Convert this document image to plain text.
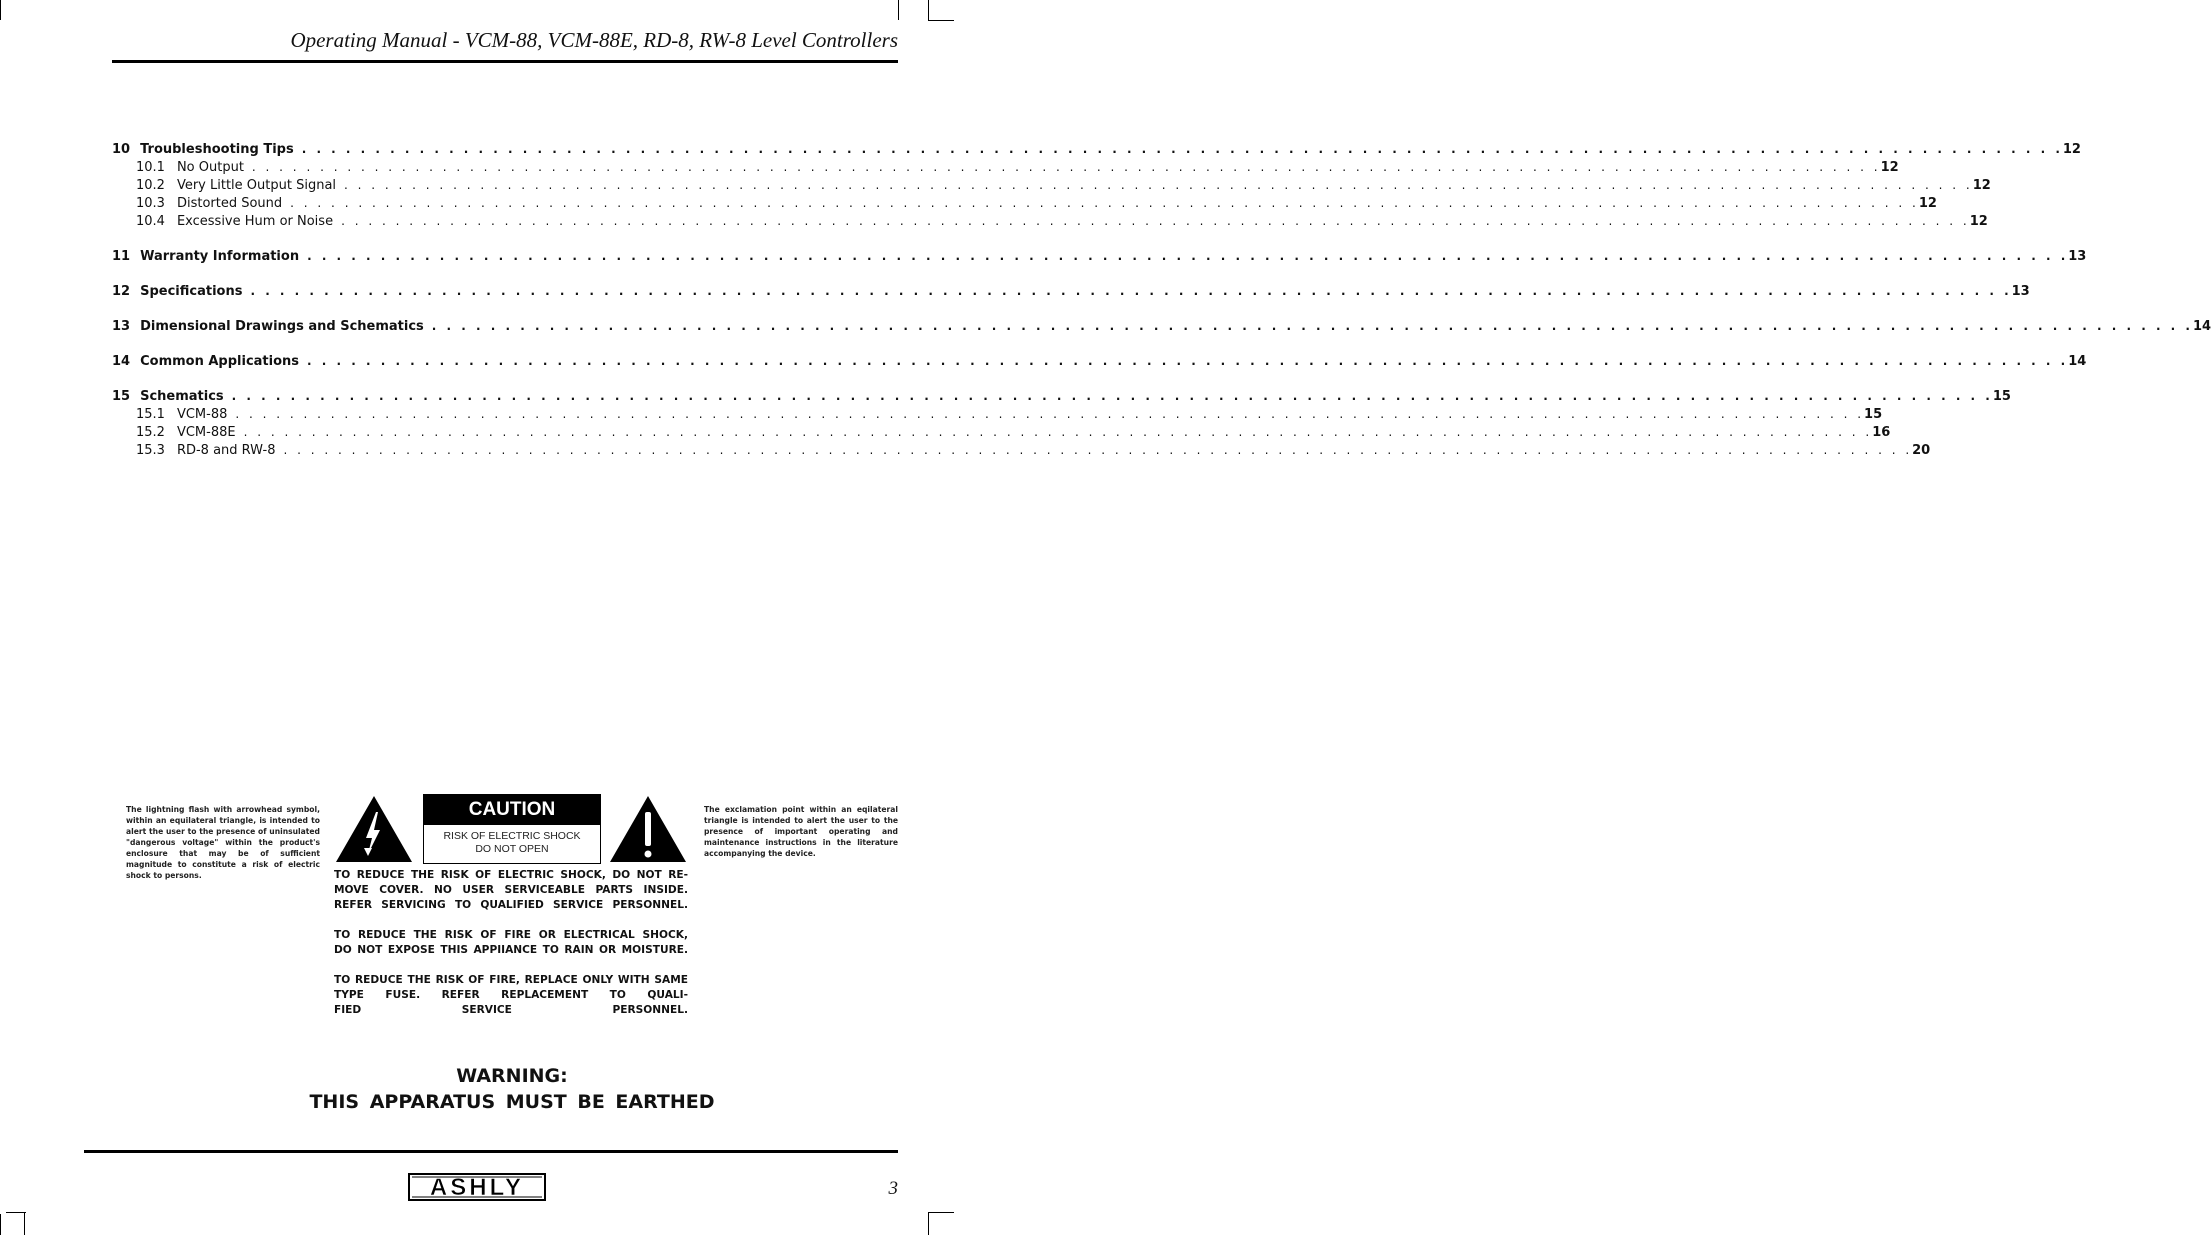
Operating Manual - VCM-88, VCM-88E, RD-8, RW-8 Level Controllers
10 Troubleshooting Tips . . . . . . . . . . . . . . . . . . . . . . . . . . . . . . . . . . . . . . . . . . . . . . . . . . . . . . . . . . . . . . . . . . . . . . . . . . . . . . . . . . . . . . . . . . . . . . . . . . . . . . . . . . . . . . . . . . . . . . . . 12
10.1 No Output . . . . . . . . . . . . . . . . . . . . . . . . . . . . . . . . . . . . . . . . . . . . . . . . . . . . . . . . . . . . . . . . . . . . . . . . . . . . . . . . . . . . . . . . . . . . . . . . . . . . . . . . . . . . . . . . . . . . . . . . 12
10.2 Very Little Output Signal . . . . . . . . . . . . . . . . . . . . . . . . . . . . . . . . . . . . . . . . . . . . . . . . . . . . . . . . . . . . . . . . . . . . . . . . . . . . . . . . . . . . . . . . . . . . . . . . . . . . . . . . . . . . . . . . . . . . . . . . 12
10.3 Distorted Sound . . . . . . . . . . . . . . . . . . . . . . . . . . . . . . . . . . . . . . . . . . . . . . . . . . . . . . . . . . . . . . . . . . . . . . . . . . . . . . . . . . . . . . . . . . . . . . . . . . . . . . . . . . . . . . . . . . . . . . . . 12
10.4 Excessive Hum or Noise . . . . . . . . . . . . . . . . . . . . . . . . . . . . . . . . . . . . . . . . . . . . . . . . . . . . . . . . . . . . . . . . . . . . . . . . . . . . . . . . . . . . . . . . . . . . . . . . . . . . . . . . . . . . . . . . . . . . . . . . 12
11 Warranty Information . . . . . . . . . . . . . . . . . . . . . . . . . . . . . . . . . . . . . . . . . . . . . . . . . . . . . . . . . . . . . . . . . . . . . . . . . . . . . . . . . . . . . . . . . . . . . . . . . . . . . . . . . . . . . . . . . . . . . . . . 13
12 Specifications . . . . . . . . . . . . . . . . . . . . . . . . . . . . . . . . . . . . . . . . . . . . . . . . . . . . . . . . . . . . . . . . . . . . . . . . . . . . . . . . . . . . . . . . . . . . . . . . . . . . . . . . . . . . . . . . . . . . . . . . 13
13 Dimensional Drawings and Schematics . . . . . . . . . . . . . . . . . . . . . . . . . . . . . . . . . . . . . . . . . . . . . . . . . . . . . . . . . . . . . . . . . . . . . . . . . . . . . . . . . . . . . . . . . . . . . . . . . . . . . . . . . . . . . . . . . . . . . . . . 14
14 Common Applications . . . . . . . . . . . . . . . . . . . . . . . . . . . . . . . . . . . . . . . . . . . . . . . . . . . . . . . . . . . . . . . . . . . . . . . . . . . . . . . . . . . . . . . . . . . . . . . . . . . . . . . . . . . . . . . . . . . . . . . . 14
15 Schematics . . . . . . . . . . . . . . . . . . . . . . . . . . . . . . . . . . . . . . . . . . . . . . . . . . . . . . . . . . . . . . . . . . . . . . . . . . . . . . . . . . . . . . . . . . . . . . . . . . . . . . . . . . . . . . . . . . . . . . . . 15
15.1 VCM-88 . . . . . . . . . . . . . . . . . . . . . . . . . . . . . . . . . . . . . . . . . . . . . . . . . . . . . . . . . . . . . . . . . . . . . . . . . . . . . . . . . . . . . . . . . . . . . . . . . . . . . . . . . . . . . . . . . . . . . . . . 15
15.2 VCM-88E . . . . . . . . . . . . . . . . . . . . . . . . . . . . . . . . . . . . . . . . . . . . . . . . . . . . . . . . . . . . . . . . . . . . . . . . . . . . . . . . . . . . . . . . . . . . . . . . . . . . . . . . . . . . . . . . . . . . . . . . 16
15.3 RD-8 and RW-8 . . . . . . . . . . . . . . . . . . . . . . . . . . . . . . . . . . . . . . . . . . . . . . . . . . . . . . . . . . . . . . . . . . . . . . . . . . . . . . . . . . . . . . . . . . . . . . . . . . . . . . . . . . . . . . . . . . . . . . . . 20
The lightning flash with arrowhead symbol, within an equilateral triangle, is intended to alert the user to the presence of uninsulated "dangerous voltage" within the product's enclosure that may be of sufficient magnitude to constitute a risk of electric shock to persons.
CAUTION
RISK OF ELECTRIC SHOCK
DO NOT OPEN
The exclamation point within an eqilateral triangle is intended to alert the user to the presence of important operating and maintenance instructions in the literature accompanying the device.

TO REDUCE THE RISK OF ELECTRIC SHOCK, DO NOT RE- MOVE COVER. NO USER SERVICEABLE PARTS INSIDE.
REFER SERVICING TO QUALIFIED SERVICE PERSONNEL.

TO REDUCE THE RISK OF FIRE OR ELECTRICAL SHOCK,
DO NOT EXPOSE THIS APPIIANCE TO RAIN OR MOISTURE.

TO REDUCE THE RISK OF FIRE, REPLACE ONLY WITH SAME TYPE FUSE. REFER REPLACEMENT TO QUALI-
FIED SERVICE PERSONNEL.

WARNING:
THIS APPARATUS MUST BE EARTHED
ASHLY	3
